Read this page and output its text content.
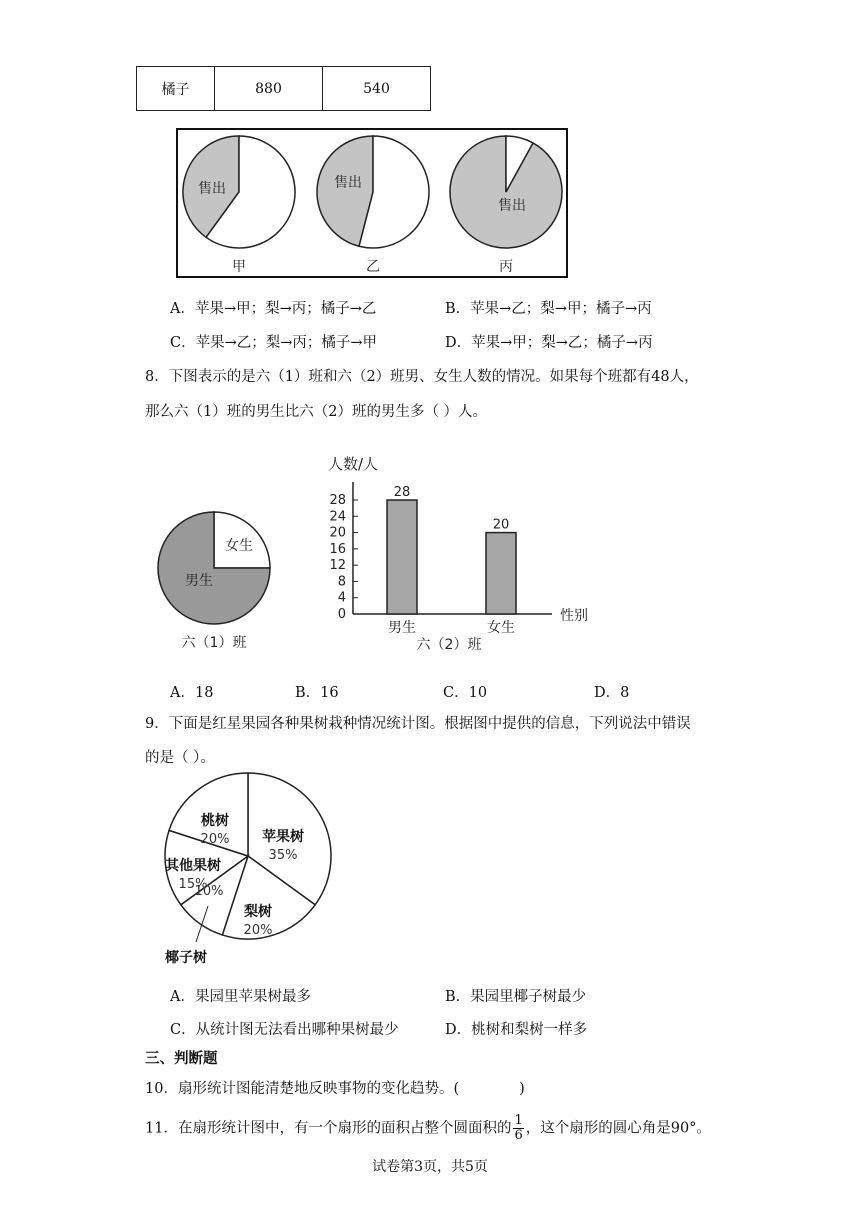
橘子	880	540
售出
甲
售出
乙
售出
丙
A．苹果→甲；梨→丙；橘子→乙	B．苹果→乙；梨→甲；橘子→丙
C．苹果→乙；梨→丙；橘子→甲	D．苹果→甲；梨→乙；橘子→丙
8．下图表示的是六（1）班和六（2）班男、女生人数的情况。如果每个班都有48人，
那么六（1）班的男生比六（2）班的男生多（ ）人。
女生
男生
六（1）班
人数/人
性别
0
4
8
12
16
20
24
28
28
男生
20
女生
六（2）班
A．18	B．16	C．10	D．8
9．下面是红星果园各种果树栽种情况统计图。根据图中提供的信息，下列说法中错误
的是（ ）。
苹果树
35%
梨树
20%
10%
椰子树
其他果树
15%
桃树
20%
A．果园里苹果树最多	B．果园里椰子树最少
C．从统计图无法看出哪种果树最少	D．桃树和梨树一样多
三、判断题
10．扇形统计图能清楚地反映事物的变化趋势。(	)
11．在扇形统计图中，有一个扇形的面积占整个圆面积的 $\frac{1}{6}$ ，这个扇形的圆心角是90°。
试卷第3页，共5页
